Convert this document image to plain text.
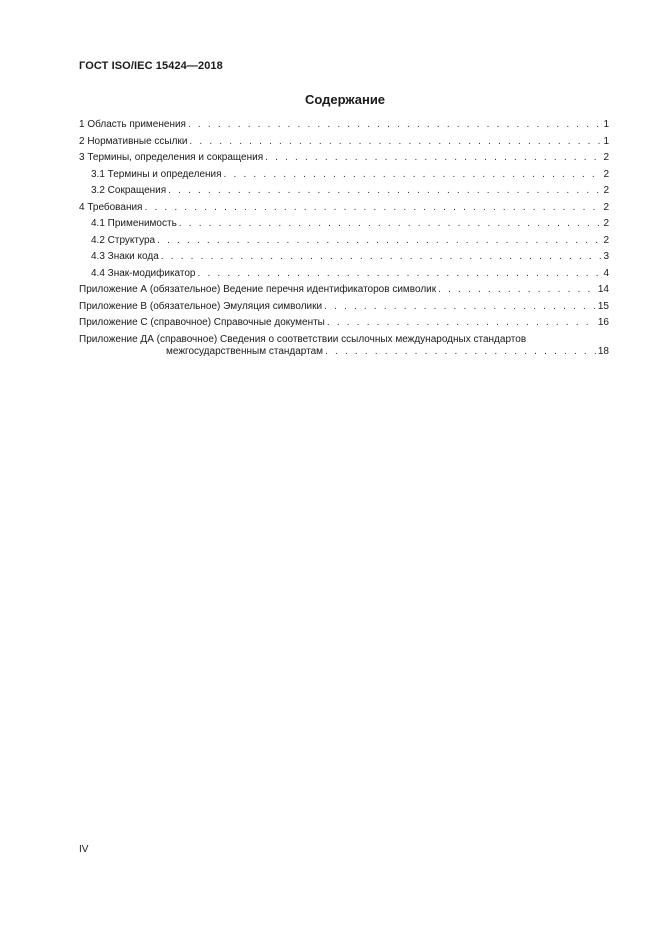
ГОСТ ISO/IEC 15424—2018
Содержание
1 Область применения . . .	1
2 Нормативные ссылки . . .	1
3 Термины, определения и сокращения . . .	2
3.1 Термины и определения . . .	2
3.2 Сокращения . . .	2
4 Требования . . .	2
4.1 Применимость . . .	2
4.2 Структура . . .	2
4.3 Знаки кода . . .	3
4.4 Знак-модификатор . . .	4
Приложение А (обязательное) Ведение перечня идентификаторов символик . . .	14
Приложение В (обязательное) Эмуляция символики . . .	15
Приложение С (справочное) Справочные документы . . .	16
Приложение ДА (справочное) Сведения о соответствии ссылочных международных стандартов
межгосударственным стандартам . . .	18
IV
